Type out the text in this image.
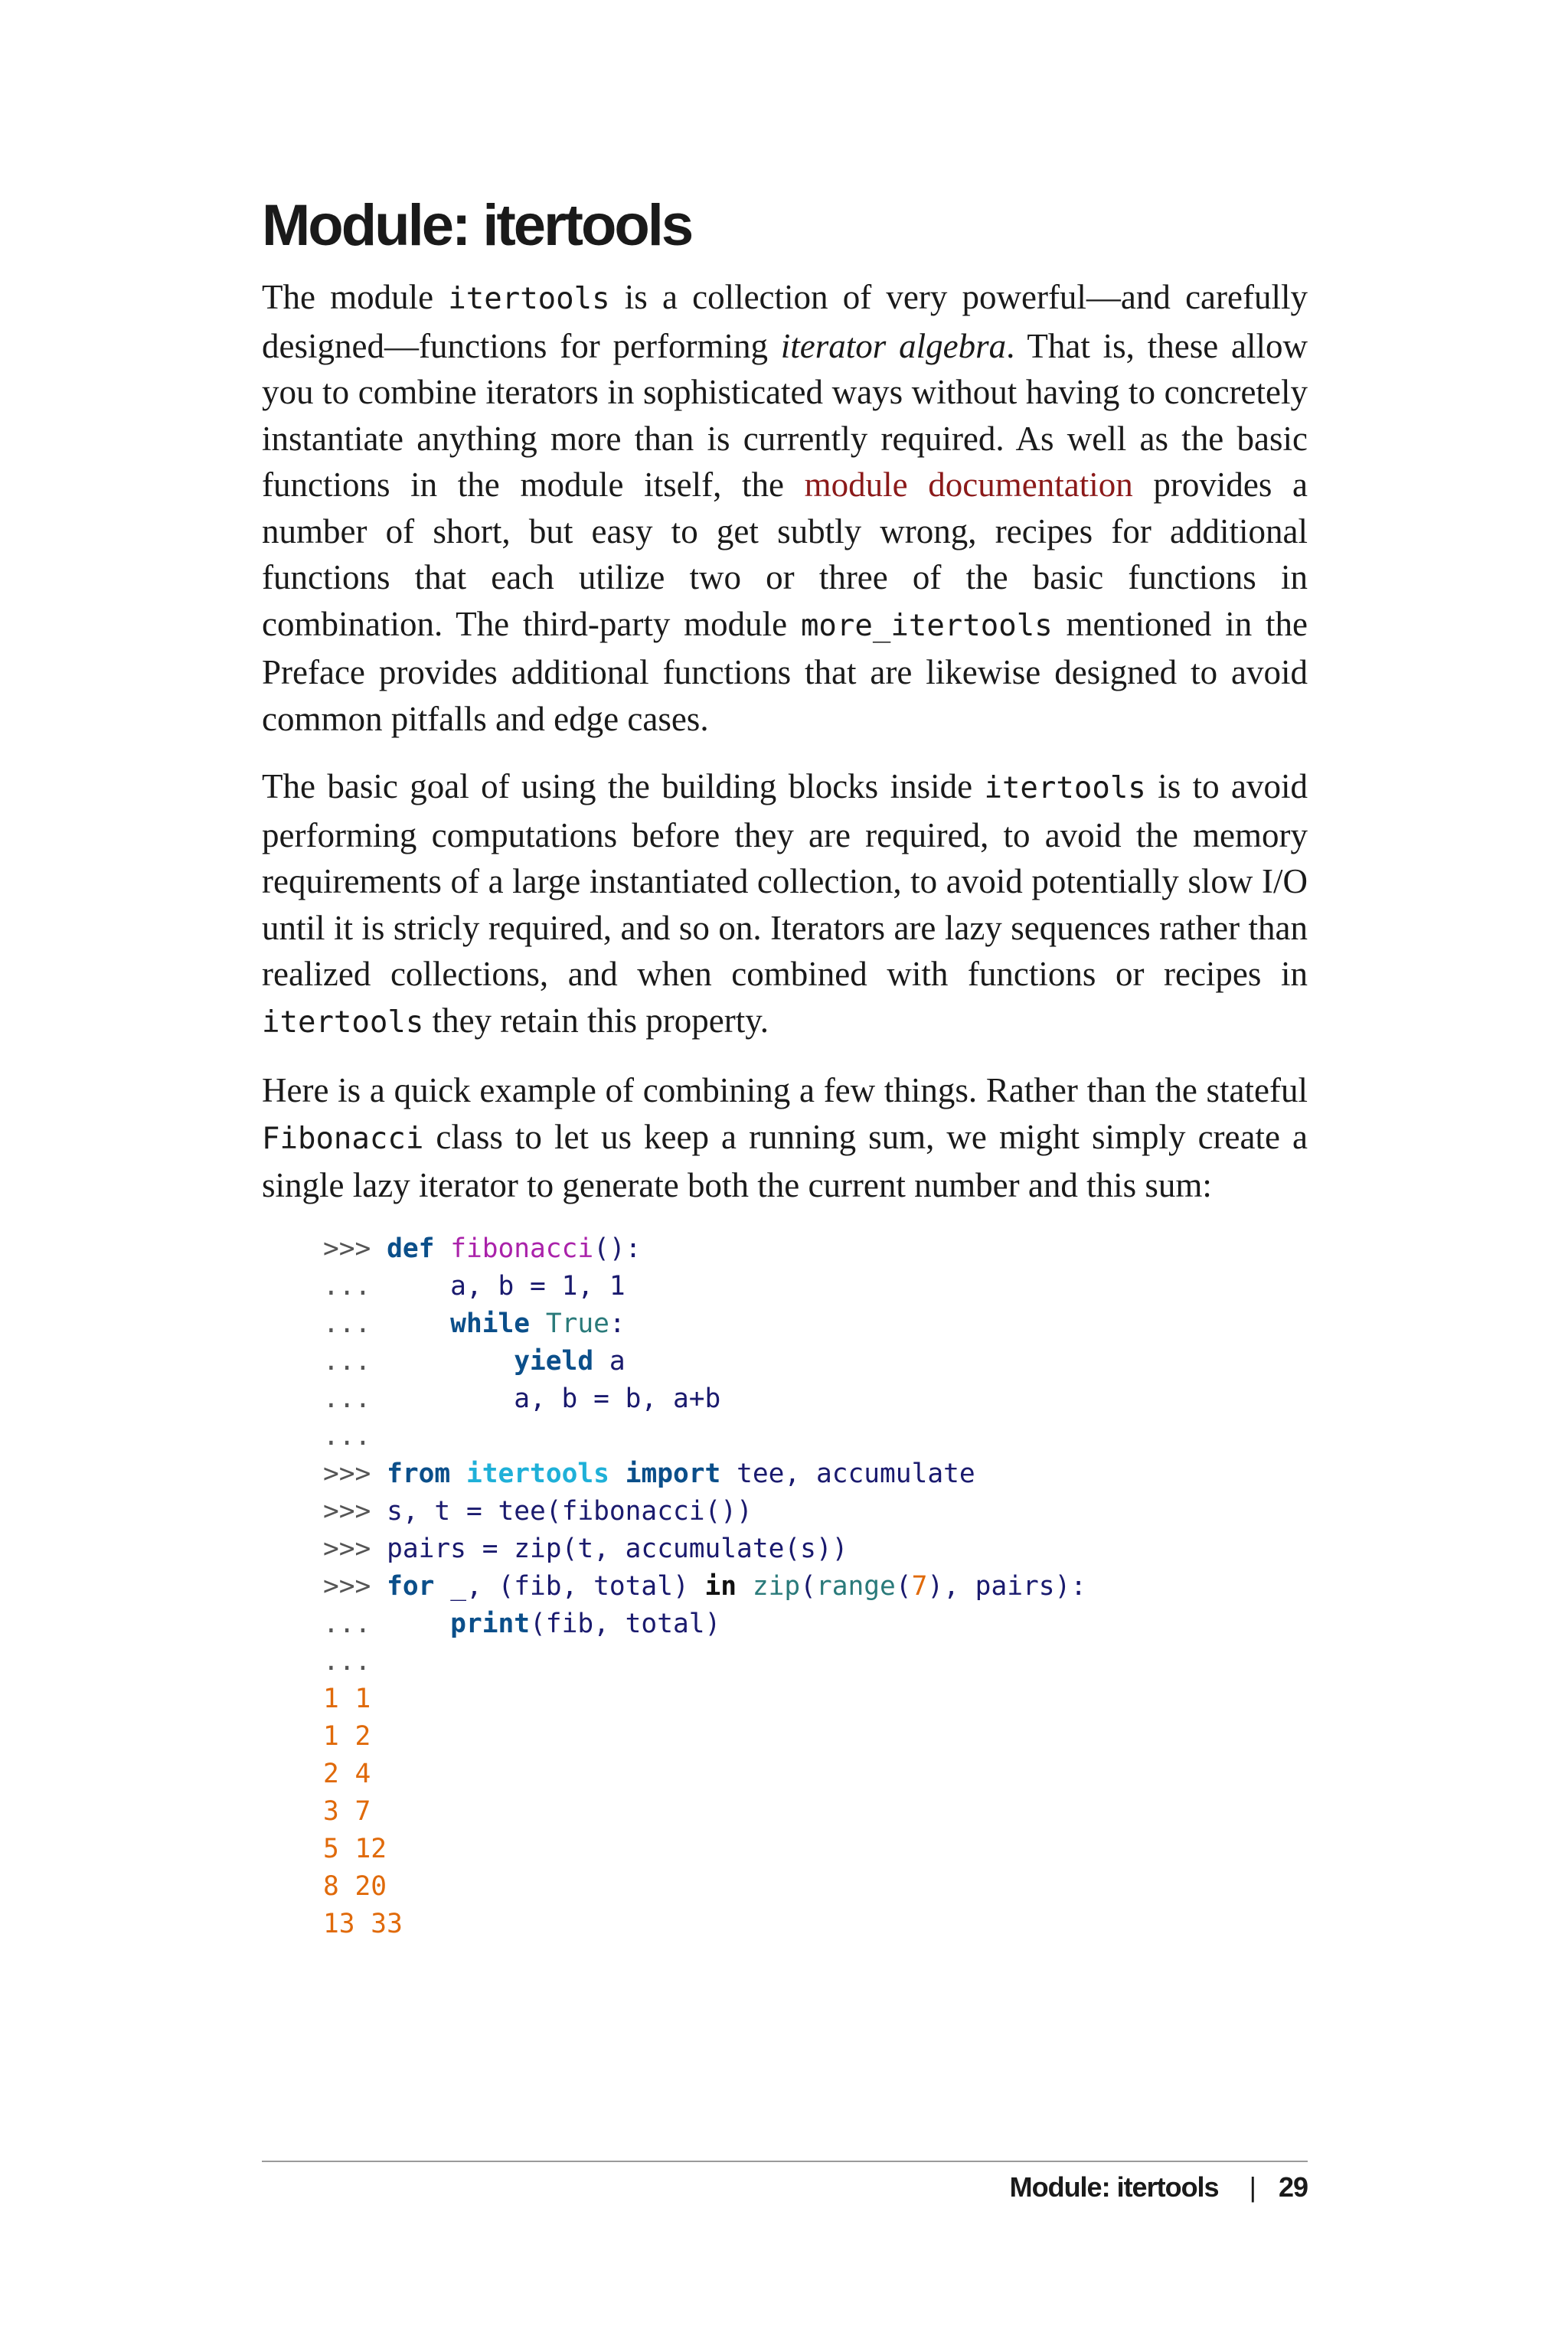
Module: itertools

The module itertools is a collection of very powerful—and carefully designed—functions for performing iterator algebra. That is, these allow you to combine iterators in sophisticated ways without having to concretely instantiate anything more than is currently required. As well as the basic functions in the module itself, the module documentation provides a number of short, but easy to get subtly wrong, recipes for additional functions that each utilize two or three of the basic functions in combination. The third-party module more_itertools mentioned in the Preface provides additional functions that are likewise designed to avoid common pitfalls and edge cases.

The basic goal of using the building blocks inside itertools is to avoid performing computations before they are required, to avoid the memory requirements of a large instantiated collection, to avoid potentially slow I/O until it is stricly required, and so on. Iterators are lazy sequences rather than realized collections, and when combined with functions or recipes in itertools they retain this property.

Here is a quick example of combining a few things. Rather than the stateful Fibonacci class to let us keep a running sum, we might simply create a single lazy iterator to generate both the current number and this sum:

>>> def fibonacci():
...	a, b = 1, 1
...	while True:
...	yield a
...	a, b = b, a+b
...
>>> from itertools import tee, accumulate
>>> s, t = tee(fibonacci())
>>> pairs = zip(t, accumulate(s))
>>> for _, (fib, total) in zip(range(7), pairs):
...	print(fib, total)
...
1 1
1 2
2 4
3 7
5 12
8 20
13 33
Module: itertools | 29
